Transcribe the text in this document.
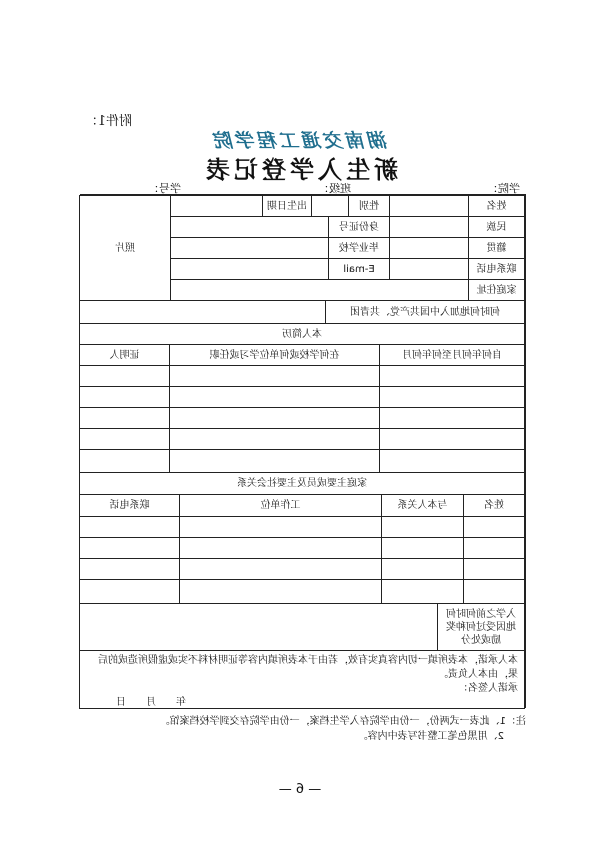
附件1：
湖南交通工程学院
新生入学登记表
学院：
班级：
学号：
姓名
性别
出生日期
民族
身份证号
籍贯
毕业学校
联系电话
E-mail
家庭住址
照片
何时何地加入中国共产党、共青团
本人简历
自何年何月至何年何月
在何学校或何单位学习或任职
证明人
家庭主要成员及主要社会关系
姓名
与本人关系
工作单位
联系电话
入学之前何时何地因受过何种奖励或处分
本人承诺，本表所填一切内容真实有效，若由于本表所填内容等证明材料不实或虚假所造成的后果，由本人负责。
承诺人签名：
年　　月　　日
注：1、此表一式两份，一份由学院存入学生档案，一份由学院存交到学校档案馆。
2、用黑色笔工整书写表中内容。
— 6 —
